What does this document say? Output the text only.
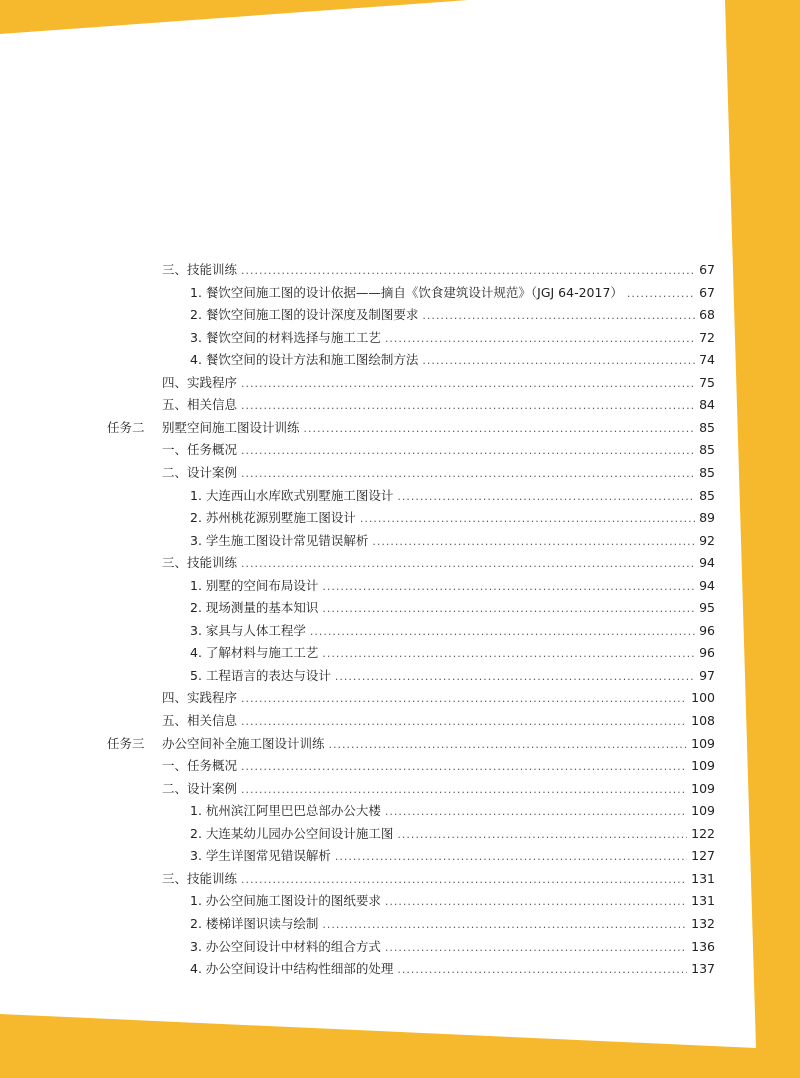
三、技能训练 .....	67
1. 餐饮空间施工图的设计依据——摘自《饮食建筑设计规范》（JGJ 64-2017） .....	67
2. 餐饮空间施工图的设计深度及制图要求 .....	68
3. 餐饮空间的材料选择与施工工艺 .....	72
4. 餐饮空间的设计方法和施工图绘制方法 .....	74
四、实践程序 .....	75
五、相关信息 .....	84
任务二 别墅空间施工图设计训练 .....	85
一、任务概况 .....	85
二、设计案例 .....	85
1. 大连西山水库欧式别墅施工图设计 .....	85
2. 苏州桃花源别墅施工图设计 .....	89
3. 学生施工图设计常见错误解析 .....	92
三、技能训练 .....	94
1. 别墅的空间布局设计 .....	94
2. 现场测量的基本知识 .....	95
3. 家具与人体工程学 .....	96
4. 了解材料与施工工艺 .....	96
5. 工程语言的表达与设计 .....	97
四、实践程序 .....	100
五、相关信息 .....	108
任务三 办公空间补全施工图设计训练 .....	109
一、任务概况 .....	109
二、设计案例 .....	109
1. 杭州滨江阿里巴巴总部办公大楼 .....	109
2. 大连某幼儿园办公空间设计施工图 .....	122
3. 学生详图常见错误解析 .....	127
三、技能训练 .....	131
1. 办公空间施工图设计的图纸要求 .....	131
2. 楼梯详图识读与绘制 .....	132
3. 办公空间设计中材料的组合方式 .....	136
4. 办公空间设计中结构性细部的处理 .....	137
